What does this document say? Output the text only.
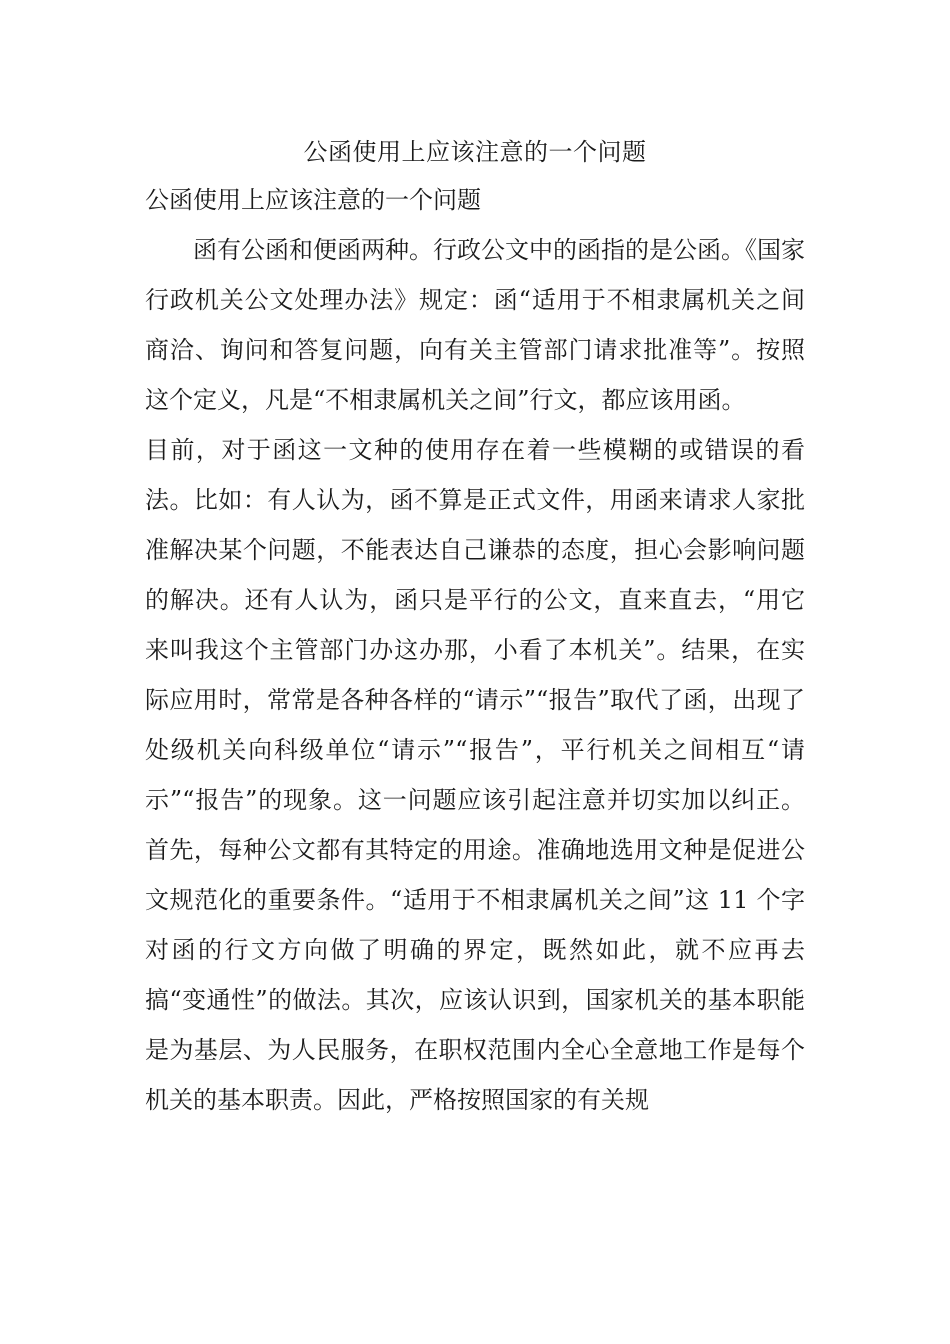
公函使用上应该注意的一个问题
公函使用上应该注意的一个问题

函有公函和便函两种。行政公文中的函指的是公函。《国家行政机关公文处理办法》规定：函“适用于不相隶属机关之间商洽、询问和答复问题，向有关主管部门请求批准等”。按照这个定义，凡是“不相隶属机关之间”行文，都应该用函。

目前，对于函这一文种的使用存在着一些模糊的或错误的看法。比如：有人认为，函不算是正式文件，用函来请求人家批准解决某个问题，不能表达自己谦恭的态度，担心会影响问题的解决。还有人认为，函只是平行的公文，直来直去，“用它来叫我这个主管部门办这办那，小看了本机关”。结果，在实际应用时，常常是各种各样的“请示”“报告”取代了函，出现了处级机关向科级单位“请示”“报告”，平行机关之间相互“请示”“报告”的现象。这一问题应该引起注意并切实加以纠正。首先，每种公文都有其特定的用途。准确地选用文种是促进公文规范化的重要条件。“适用于不相隶属机关之间”这 11 个字对函的行文方向做了明确的界定，既然如此，就不应再去搞“变通性”的做法。其次，应该认识到，国家机关的基本职能是为基层、为人民服务，在职权范围内全心全意地工作是每个机关的基本职责。因此，严格按照国家的有关规
